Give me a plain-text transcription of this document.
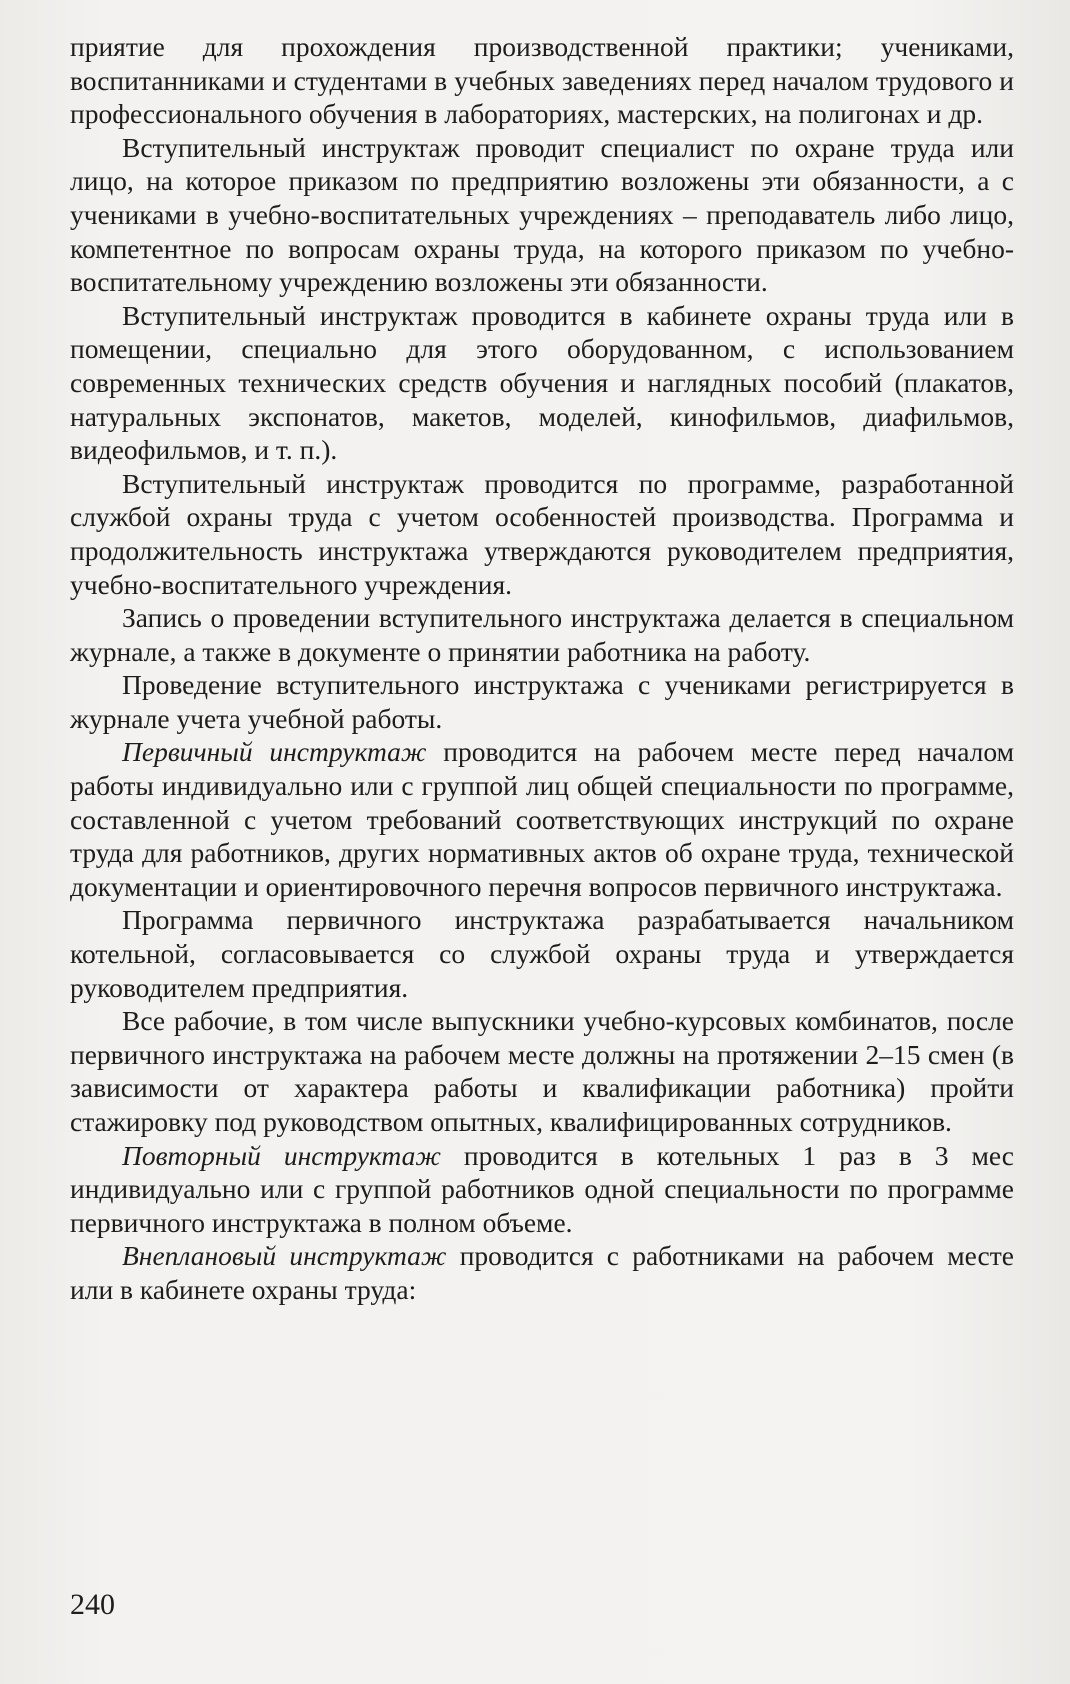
приятие для прохождения производственной практики; учениками, воспитанниками и студентами в учебных заведениях перед началом трудового и профессионального обучения в лабораториях, мастерских, на полигонах и др.

Вступительный инструктаж проводит специалист по охране труда или лицо, на которое приказом по предприятию возложены эти обязанности, а с учениками в учебно-воспитательных учреждениях – преподаватель либо лицо, компетентное по вопросам охраны труда, на которого приказом по учебно-воспитательному учреждению возложены эти обязанности.

Вступительный инструктаж проводится в кабинете охраны труда или в помещении, специально для этого оборудованном, с использованием современных технических средств обучения и наглядных пособий (плакатов, натуральных экспонатов, макетов, моделей, кинофильмов, диафильмов, видеофильмов, и т. п.).

Вступительный инструктаж проводится по программе, разработанной службой охраны труда с учетом особенностей производства. Программа и продолжительность инструктажа утверждаются руководителем предприятия, учебно-воспитательного учреждения.

Запись о проведении вступительного инструктажа делается в специальном журнале, а также в документе о принятии работника на работу.

Проведение вступительного инструктажа с учениками регистрируется в журнале учета учебной работы.

Первичный инструктаж проводится на рабочем месте перед началом работы индивидуально или с группой лиц общей специальности по программе, составленной с учетом требований соответствующих инструкций по охране труда для работников, других нормативных актов об охране труда, технической документации и ориентировочного перечня вопросов первичного инструктажа.

Программа первичного инструктажа разрабатывается начальником котельной, согласовывается со службой охраны труда и утверждается руководителем предприятия.

Все рабочие, в том числе выпускники учебно-курсовых комбинатов, после первичного инструктажа на рабочем месте должны на протяжении 2–15 смен (в зависимости от характера работы и квалификации работника) пройти стажировку под руководством опытных, квалифицированных сотрудников.

Повторный инструктаж проводится в котельных 1 раз в 3 мес индивидуально или с группой работников одной специальности по программе первичного инструктажа в полном объеме.

Внеплановый инструктаж проводится с работниками на рабочем месте или в кабинете охраны труда:

240
